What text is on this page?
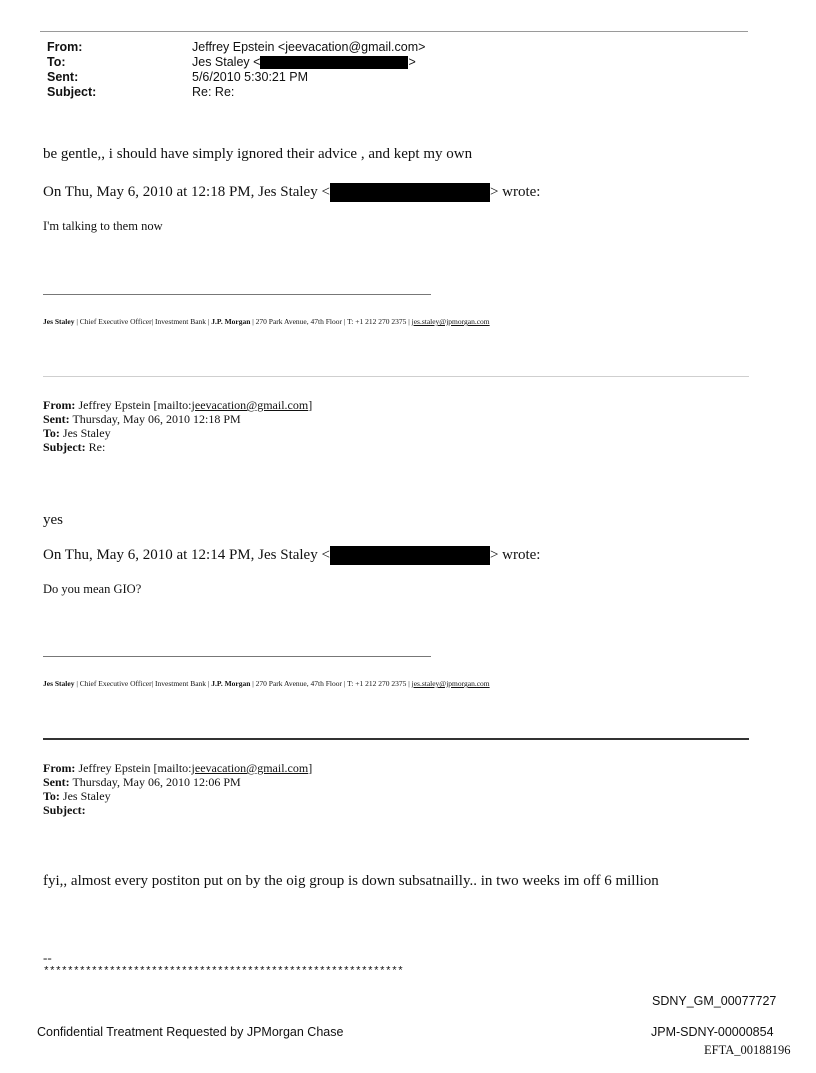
From:	Jeffrey Epstein <jeevacation@gmail.com>
To:	Jes Staley <	>
Sent:	5/6/2010 5:30:21 PM
Subject:	Re: Re:
be gentle,, i should have simply ignored their advice , and kept my own
On Thu, May 6, 2010 at 12:18 PM, Jes Staley <	> wrote:
I'm talking to them now
Jes Staley | Chief Executive Officer| Investment Bank | J.P. Morgan | 270 Park Avenue, 47th Floor | T: +1 212 270 2375 | jes.staley@jpmorgan.com
From: Jeffrey Epstein [mailto:jeevacation@gmail.com]
Sent: Thursday, May 06, 2010 12:18 PM
To: Jes Staley
Subject: Re:
yes
On Thu, May 6, 2010 at 12:14 PM, Jes Staley <	> wrote:
Do you mean GIO?
Jes Staley | Chief Executive Officer| Investment Bank | J.P. Morgan | 270 Park Avenue, 47th Floor | T: +1 212 270 2375 | jes.staley@jpmorgan.com
From: Jeffrey Epstein [mailto:jeevacation@gmail.com]
Sent: Thursday, May 06, 2010 12:06 PM
To: Jes Staley
Subject:
fyi,, almost every postiton put on by the oig group is down subsatnailly.. in two weeks im off 6 million
--
************************************************************
SDNY_GM_00077727
Confidential Treatment Requested by JPMorgan Chase	JPM-SDNY-00000854
EFTA_00188196
